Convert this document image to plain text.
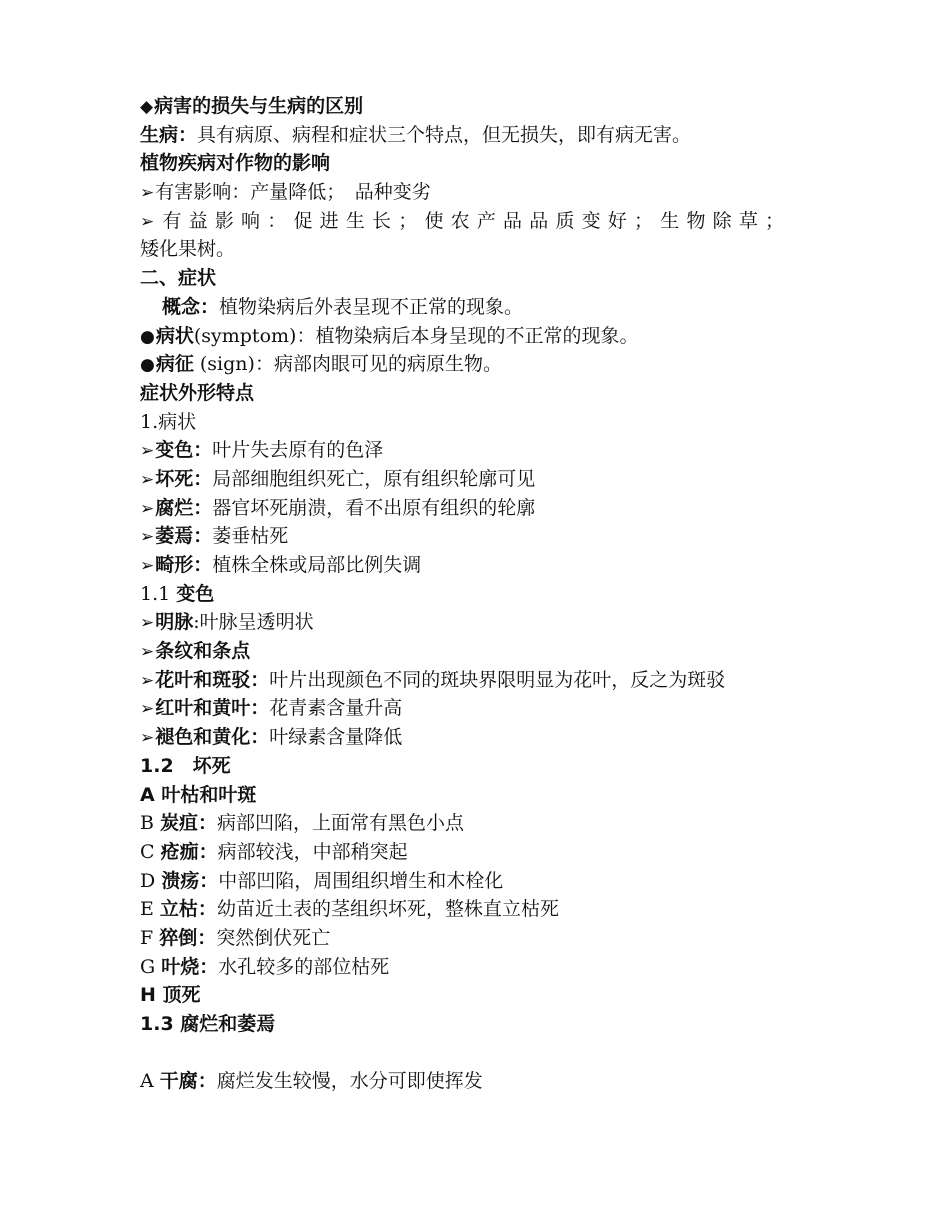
◆病害的损失与生病的区别
生病：具有病原、病程和症状三个特点，但无损失，即有病无害。
植物疾病对作物的影响
➢有害影响：产量降低；　品种变劣
➢有益影响：促进生长；使农产品品质变好；生物除草；
矮化果树。
二、症状
概念：植物染病后外表呈现不正常的现象。
●病状(symptom)：植物染病后本身呈现的不正常的现象。
●病征 (sign)：病部肉眼可见的病原生物。
症状外形特点
1.病状
➢变色：叶片失去原有的色泽
➢坏死：局部细胞组织死亡，原有组织轮廓可见
➢腐烂：器官坏死崩溃，看不出原有组织的轮廓
➢萎焉：萎垂枯死
➢畸形：植株全株或局部比例失调
1.1 变色
➢明脉:叶脉呈透明状
➢条纹和条点
➢花叶和斑驳：叶片出现颜色不同的斑块界限明显为花叶，反之为斑驳
➢红叶和黄叶：花青素含量升高
➢褪色和黄化：叶绿素含量降低
1.2　坏死
A 叶枯和叶斑
B 炭疽：病部凹陷，上面常有黑色小点
C 疮痂：病部较浅，中部稍突起
D 溃疡：中部凹陷，周围组织增生和木栓化
E 立枯：幼苗近土表的茎组织坏死，整株直立枯死
F 猝倒：突然倒伏死亡
G 叶烧：水孔较多的部位枯死
H 顶死
1.3 腐烂和萎焉
A 干腐：腐烂发生较慢，水分可即使挥发
